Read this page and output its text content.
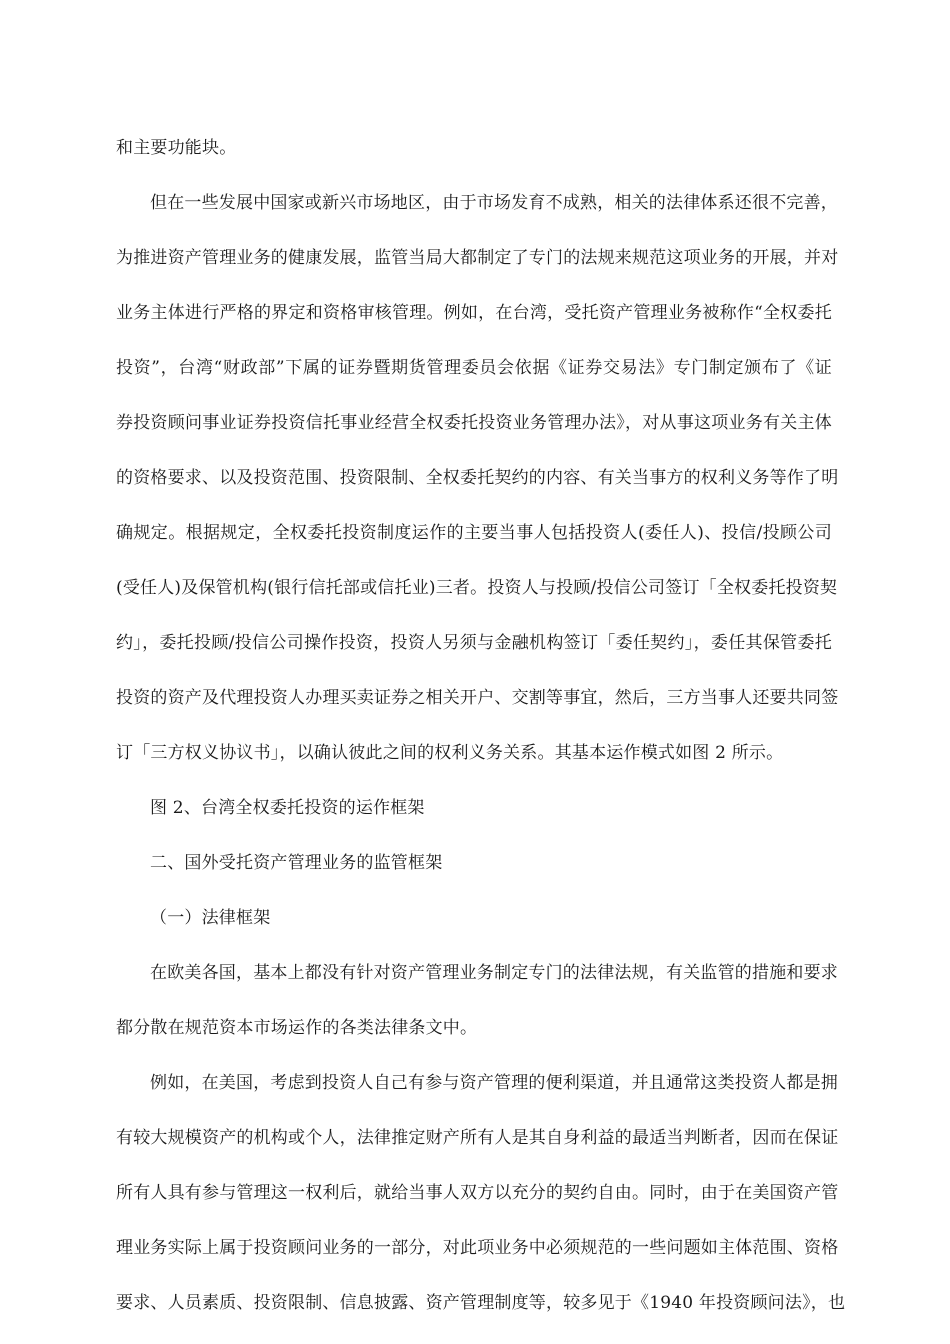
和主要功能块。
但在一些发展中国家或新兴市场地区，由于市场发育不成熟，相关的法律体系还很不完善，
为推进资产管理业务的健康发展，监管当局大都制定了专门的法规来规范这项业务的开展，并对
业务主体进行严格的界定和资格审核管理。例如，在台湾，受托资产管理业务被称作“全权委托
投资”，台湾“财政部”下属的证券暨期货管理委员会依据《证券交易法》专门制定颁布了《证
券投资顾问事业证券投资信托事业经营全权委托投资业务管理办法》，对从事这项业务有关主体
的资格要求、以及投资范围、投资限制、全权委托契约的内容、有关当事方的权利义务等作了明
确规定。根据规定，全权委托投资制度运作的主要当事人包括投资人(委任人)、投信/投顾公司
(受任人)及保管机构(银行信托部或信托业)三者。投资人与投顾/投信公司签订「全权委托投资契
约」，委托投顾/投信公司操作投资，投资人另须与金融机构签订「委任契约」，委任其保管委托
投资的资产及代理投资人办理买卖证券之相关开户、交割等事宜，然后，三方当事人还要共同签
订「三方权义协议书」，以确认彼此之间的权利义务关系。其基本运作模式如图 2 所示。
图 2、台湾全权委托投资的运作框架
二、国外受托资产管理业务的监管框架
（一）法律框架
在欧美各国，基本上都没有针对资产管理业务制定专门的法律法规，有关监管的措施和要求
都分散在规范资本市场运作的各类法律条文中。
例如，在美国，考虑到投资人自己有参与资产管理的便利渠道，并且通常这类投资人都是拥
有较大规模资产的机构或个人，法律推定财产所有人是其自身利益的最适当判断者，因而在保证
所有人具有参与管理这一权利后，就给当事人双方以充分的契约自由。同时，由于在美国资产管
理业务实际上属于投资顾问业务的一部分，对此项业务中必须规范的一些问题如主体范围、资格
要求、人员素质、投资限制、信息披露、资产管理制度等，较多见于《1940 年投资顾问法》，也
